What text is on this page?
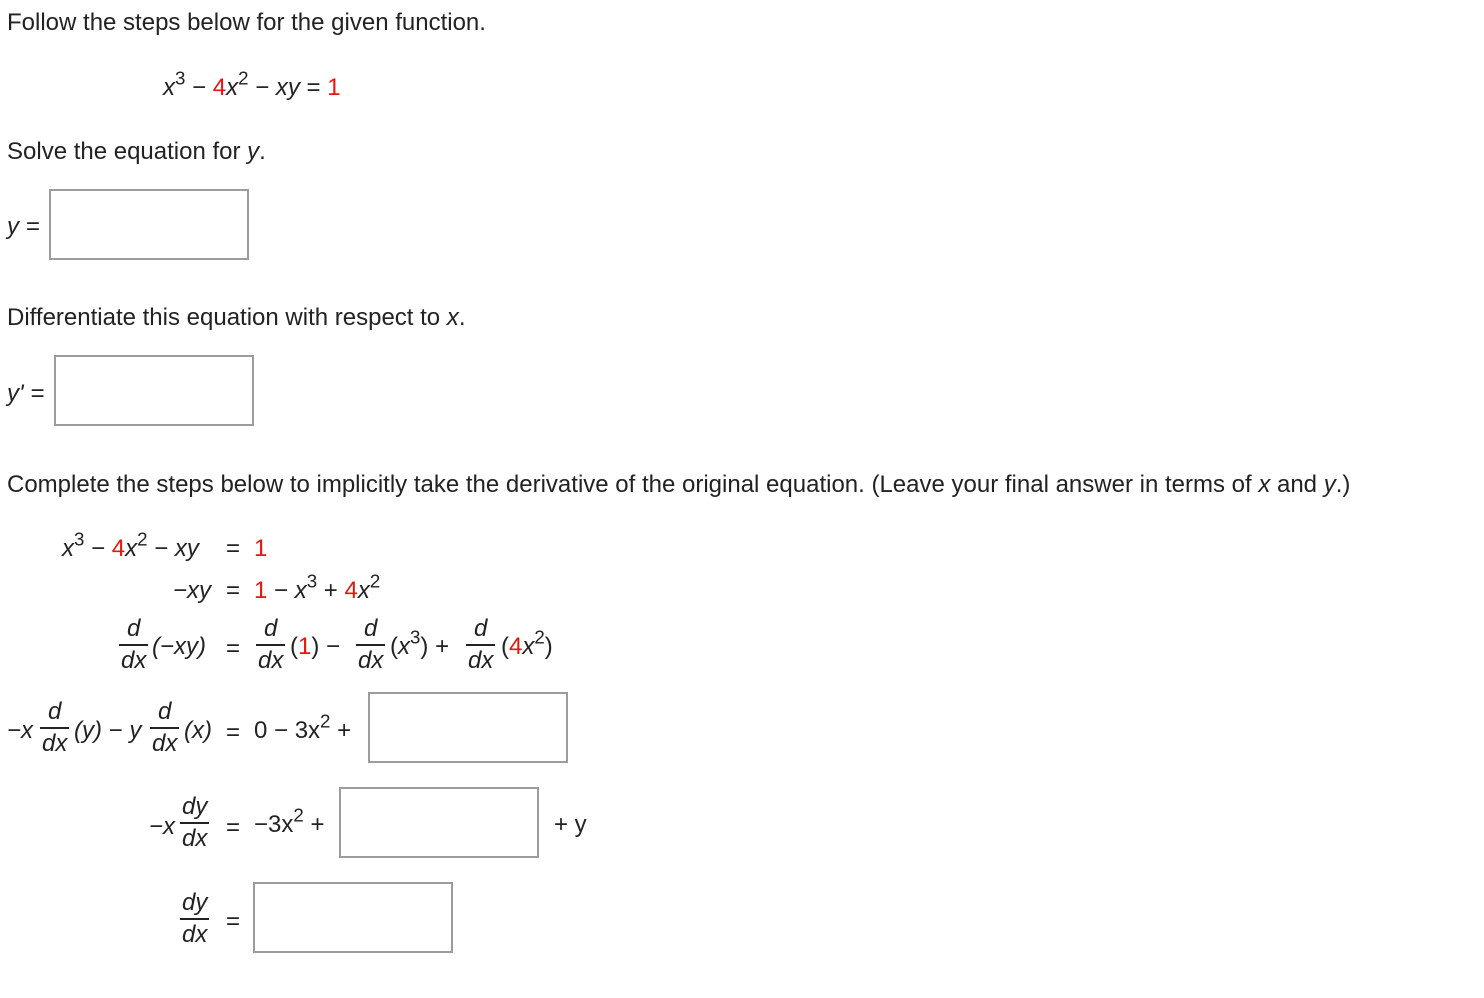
Follow the steps below for the given function.
$x^3 - 4x^2$ − xy = 1
Solve the equation for y.
y =
Differentiate this equation with respect to x.
y' =
Complete the steps below to implicitly take the derivative of the original equation. (Leave your final answer in terms of x and y.)
$x^3 - 4x^2$ − xy = 1
$-xy = 1 - x^3 + 4x^2$
$\frac{d}{dx} (-xy) = \frac{d}{dx} (1) - \frac{d}{dx} (x^3) + \frac{d}{dx} (4x^2)$
$-x \frac{d}{dx} (y) - y \frac{d}{dx} (x) = 0 - 3x^2$ +
$-x \frac{dy}{dx} = -3x^2$ +	+ y
$\frac{dy}{dx}$ =
